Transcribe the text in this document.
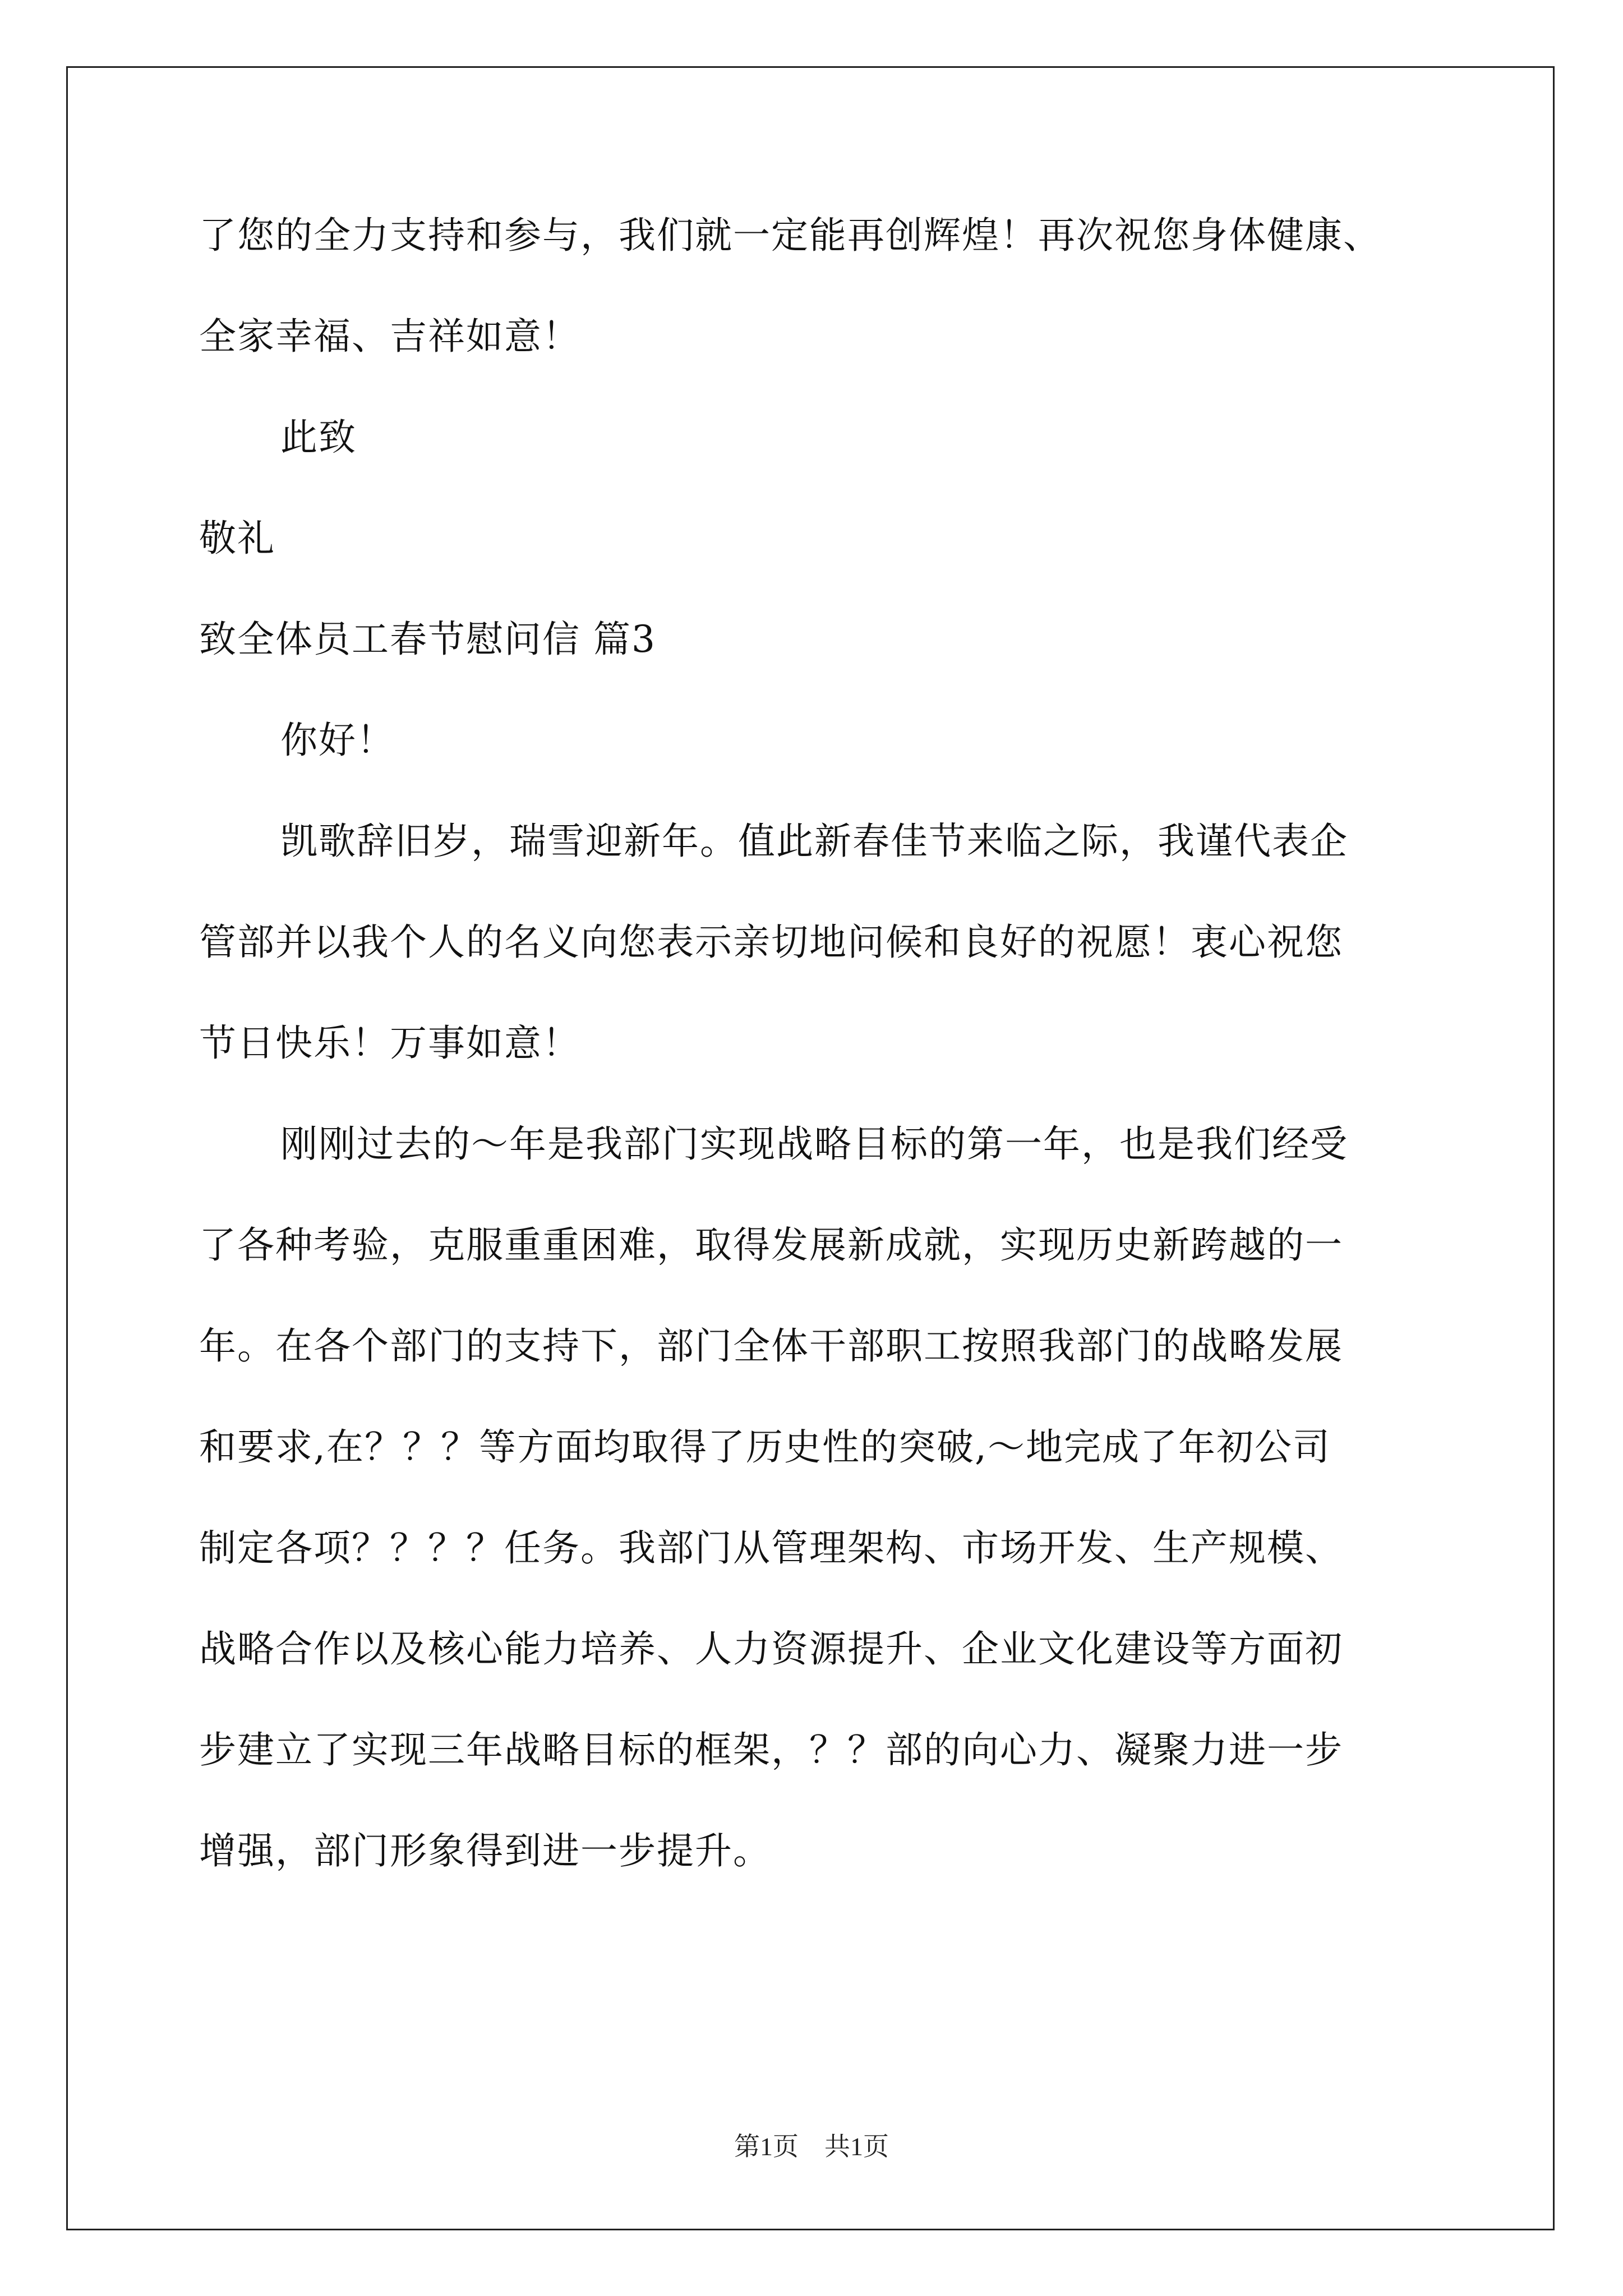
了您的全力支持和参与，我们就一定能再创辉煌！再次祝您身体健康、
全家幸福、吉祥如意！
此致
敬礼
致全体员工春节慰问信 篇3
你好！
凯歌辞旧岁，瑞雪迎新年。值此新春佳节来临之际，我谨代表企
管部并以我个人的名义向您表示亲切地问候和良好的祝愿！衷心祝您
节日快乐！万事如意！
刚刚过去的～年是我部门实现战略目标的第一年，也是我们经受
了各种考验，克服重重困难，取得发展新成就，实现历史新跨越的一
年。在各个部门的支持下，部门全体干部职工按照我部门的战略发展
和要求,在？？？等方面均取得了历史性的突破,～地完成了年初公司
制定各项？？？？任务。我部门从管理架构、市场开发、生产规模、
战略合作以及核心能力培养、人力资源提升、企业文化建设等方面初
步建立了实现三年战略目标的框架，？？部的向心力、凝聚力进一步
增强，部门形象得到进一步提升。
第1页　共1页
